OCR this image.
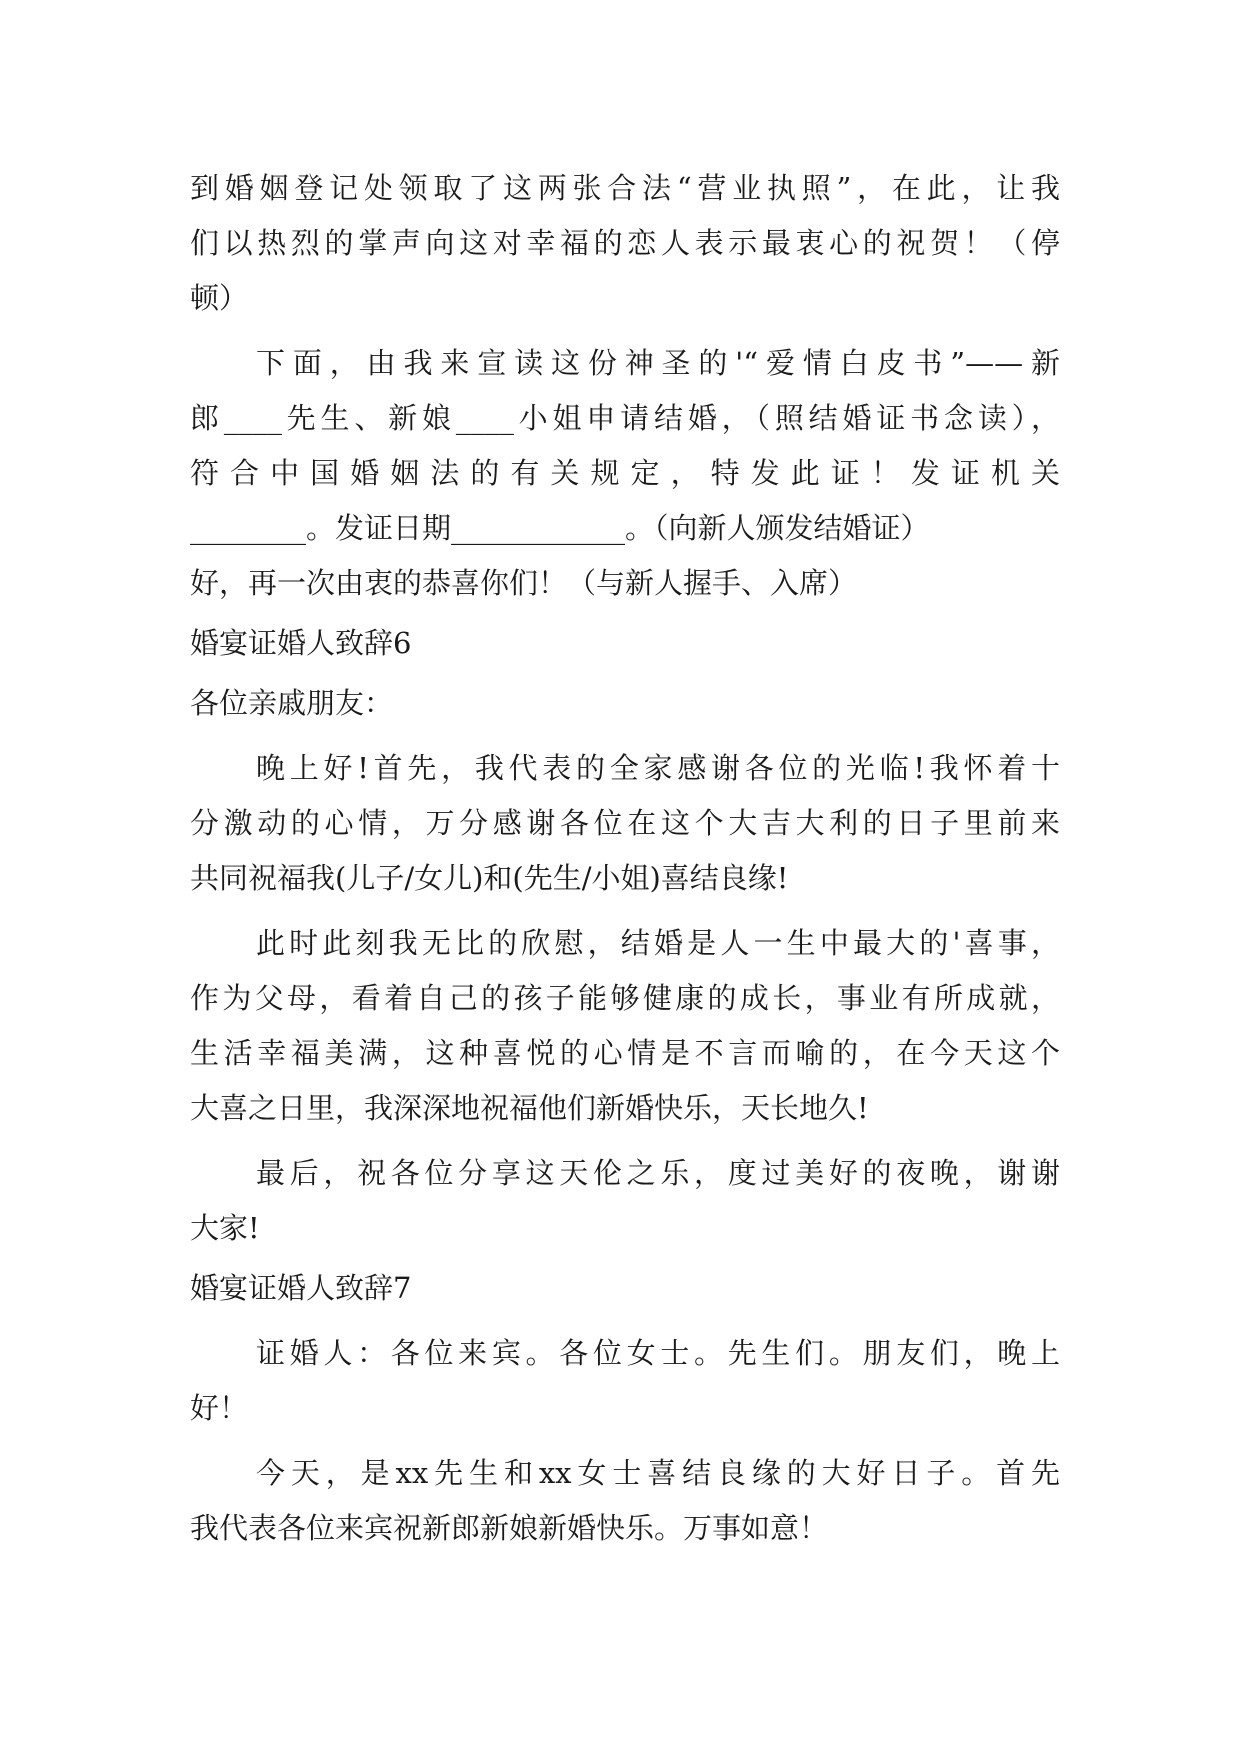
到婚姻登记处领取了这两张合法“营业执照”，在此，让我
们以热烈的掌声向这对幸福的恋人表示最衷心的祝贺！（停
顿）
下面，由我来宣读这份神圣的'“爱情白皮书”——新
郎____先生、新娘____小姐申请结婚，（照结婚证书念读），
符合中国婚姻法的有关规定，特发此证！发证机关
________。发证日期____________。（向新人颁发结婚证）
好，再一次由衷的恭喜你们！（与新人握手、入席）
婚宴证婚人致辞6
各位亲戚朋友：
晚上好!首先，我代表的全家感谢各位的光临!我怀着十
分激动的心情，万分感谢各位在这个大吉大利的日子里前来
共同祝福我(儿子/女儿)和(先生/小姐)喜结良缘!
此时此刻我无比的欣慰，结婚是人一生中最大的'喜事，
作为父母，看着自己的孩子能够健康的成长，事业有所成就，
生活幸福美满，这种喜悦的心情是不言而喻的，在今天这个
大喜之日里，我深深地祝福他们新婚快乐，天长地久!
最后，祝各位分享这天伦之乐，度过美好的夜晚，谢谢
大家!
婚宴证婚人致辞7
证婚人：各位来宾。各位女士。先生们。朋友们，晚上
好！
今天，是xx先生和xx女士喜结良缘的大好日子。首先
我代表各位来宾祝新郎新娘新婚快乐。万事如意！
